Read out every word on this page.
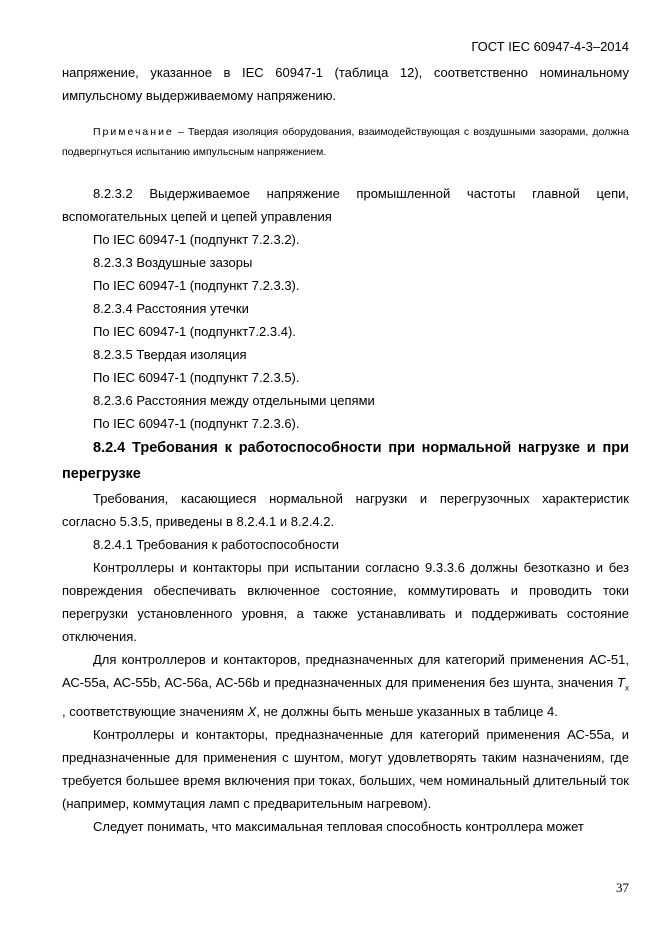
ГОСТ IEC 60947-4-3–2014

напряжение, указанное в IEC 60947-1 (таблица 12), соответственно номинальному импульсному выдерживаемому напряжению.

Примечание – Твердая изоляция оборудования, взаимодействующая с воздушными зазорами, должна подвергнуться испытанию импульсным напряжением.

8.2.3.2 Выдерживаемое напряжение промышленной частоты главной цепи, вспомогательных цепей и цепей управления

По IEC 60947-1 (подпункт 7.2.3.2).

8.2.3.3 Воздушные зазоры

По IEC 60947-1 (подпункт 7.2.3.3).

8.2.3.4 Расстояния утечки

По IEC 60947-1 (подпункт7.2.3.4).

8.2.3.5 Твердая изоляция

По IEC 60947-1 (подпункт 7.2.3.5).

8.2.3.6 Расстояния между отдельными цепями

По IEC 60947-1 (подпункт 7.2.3.6).

8.2.4 Требования к работоспособности при нормальной нагрузке и при перегрузке

Требования, касающиеся нормальной нагрузки и перегрузочных характеристик согласно 5.3.5, приведены в 8.2.4.1 и 8.2.4.2.

8.2.4.1 Требования к работоспособности

Контроллеры и контакторы при испытании согласно 9.3.3.6 должны безотказно и без повреждения обеспечивать включенное состояние, коммутировать и проводить токи перегрузки установленного уровня, а также устанавливать и поддерживать состояние отключения.

Для контроллеров и контакторов, предназначенных для категорий применения АС-51, АС-55а, АС-55b, АС-56а, АС-56b и предназначенных для применения без шунта, значения $T_x$ , соответствующие значениям X, не должны быть меньше указанных в таблице 4.

Контроллеры и контакторы, предназначенные для категорий применения АС-55а, и предназначенные для применения с шунтом, могут удовлетворять таким назначениям, где требуется большее время включения при токах, больших, чем номинальный длительный ток (например, коммутация ламп с предварительным нагревом).

Следует понимать, что максимальная тепловая способность контроллера может

37
